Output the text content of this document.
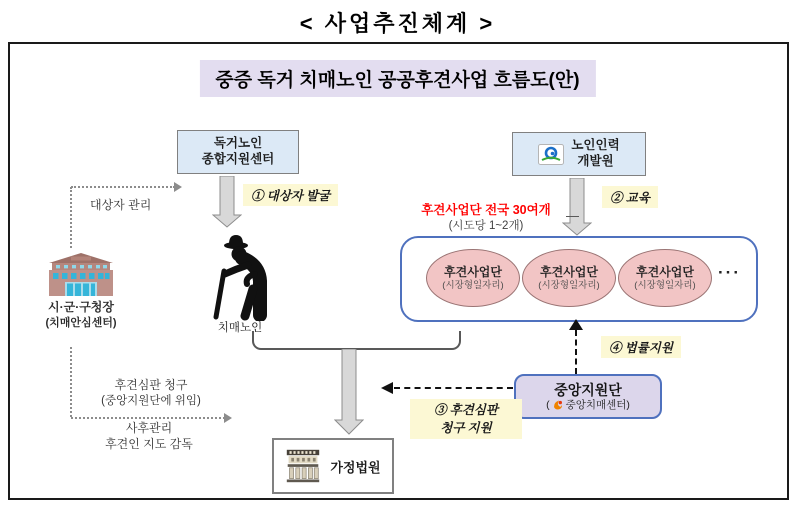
< 사업추진체계 >
중증 독거 치매노인 공공후견사업 흐름도(안)
독거노인
종합지원센터
① 대상자 발굴
치매노인
노인인력
개발원
② 교육
후견사업단 전국 30여개
(시도당 1~2개)
후견사업단
(시장형일자리)
후견사업단
(시장형일자리)
후견사업단
(시장형일자리)
···
④ 법률지원
중앙지원단
( 중앙치매센터)
③ 후견심판
청구 지원
가정법원
시·군·구청장
(치매안심센터)
대상자 관리
후견심판 청구
(중앙지원단에 위임)
사후관리
후견인 지도 감독
